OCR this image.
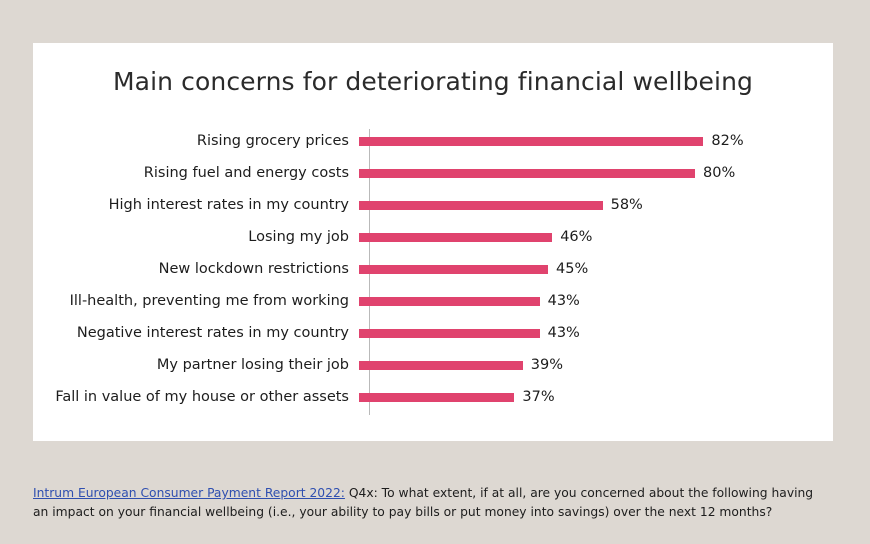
Main concerns for deteriorating financial wellbeing
Rising grocery prices	82%
Rising fuel and energy costs	80%
High interest rates in my country	58%
Losing my job	46%
New lockdown restrictions	45%
Ill-health, preventing me from working	43%
Negative interest rates in my country	43%
My partner losing their job	39%
Fall in value of my house or other assets	37%
Intrum European Consumer Payment Report 2022: Q4x: To what extent, if at all, are you concerned about the following having an impact on your financial wellbeing (i.e., your ability to pay bills or put money into savings) over the next 12 months?
